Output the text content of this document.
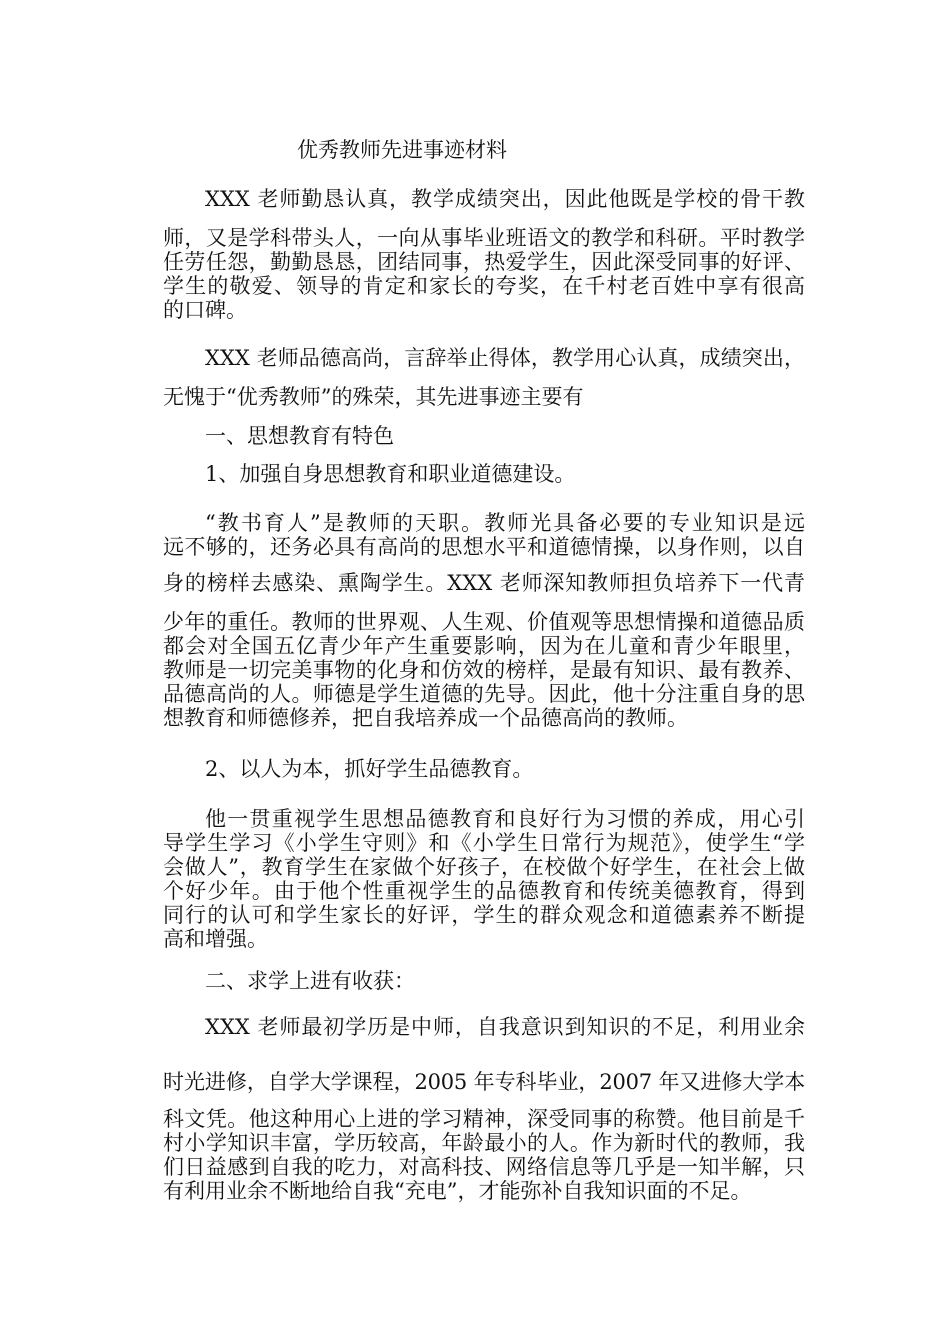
优秀教师先进事迹材料
XXX 老师勤恳认真，教学成绩突出，因此他既是学校的骨干教
师，又是学科带头人，一向从事毕业班语文的教学和科研。平时教学
任劳任怨，勤勤恳恳，团结同事，热爱学生，因此深受同事的好评、
学生的敬爱、领导的肯定和家长的夸奖，在千村老百姓中享有很高
的口碑。
XXX 老师品德高尚，言辞举止得体，教学用心认真，成绩突出，
无愧于“优秀教师”的殊荣，其先进事迹主要有
一、思想教育有特色
1、加强自身思想教育和职业道德建设。
“教书育人”是教师的天职。教师光具备必要的专业知识是远
远不够的，还务必具有高尚的思想水平和道德情操，以身作则，以自
身的榜样去感染、熏陶学生。XXX 老师深知教师担负培养下一代青
少年的重任。教师的世界观、人生观、价值观等思想情操和道德品质
都会对全国五亿青少年产生重要影响，因为在儿童和青少年眼里，
教师是一切完美事物的化身和仿效的榜样，是最有知识、最有教养、
品德高尚的人。师德是学生道德的先导。因此，他十分注重自身的思
想教育和师德修养，把自我培养成一个品德高尚的教师。
2、以人为本，抓好学生品德教育。
他一贯重视学生思想品德教育和良好行为习惯的养成，用心引
导学生学习《小学生守则》和《小学生日常行为规范》，使学生“学
会做人”，教育学生在家做个好孩子，在校做个好学生，在社会上做
个好少年。由于他个性重视学生的品德教育和传统美德教育，得到
同行的认可和学生家长的好评，学生的群众观念和道德素养不断提
高和增强。
二、求学上进有收获：
XXX 老师最初学历是中师，自我意识到知识的不足，利用业余
时光进修，自学大学课程，2005 年专科毕业，2007 年又进修大学本
科文凭。他这种用心上进的学习精神，深受同事的称赞。他目前是千
村小学知识丰富，学历较高，年龄最小的人。作为新时代的教师，我
们日益感到自我的吃力，对高科技、网络信息等几乎是一知半解，只
有利用业余不断地给自我“充电”，才能弥补自我知识面的不足。
